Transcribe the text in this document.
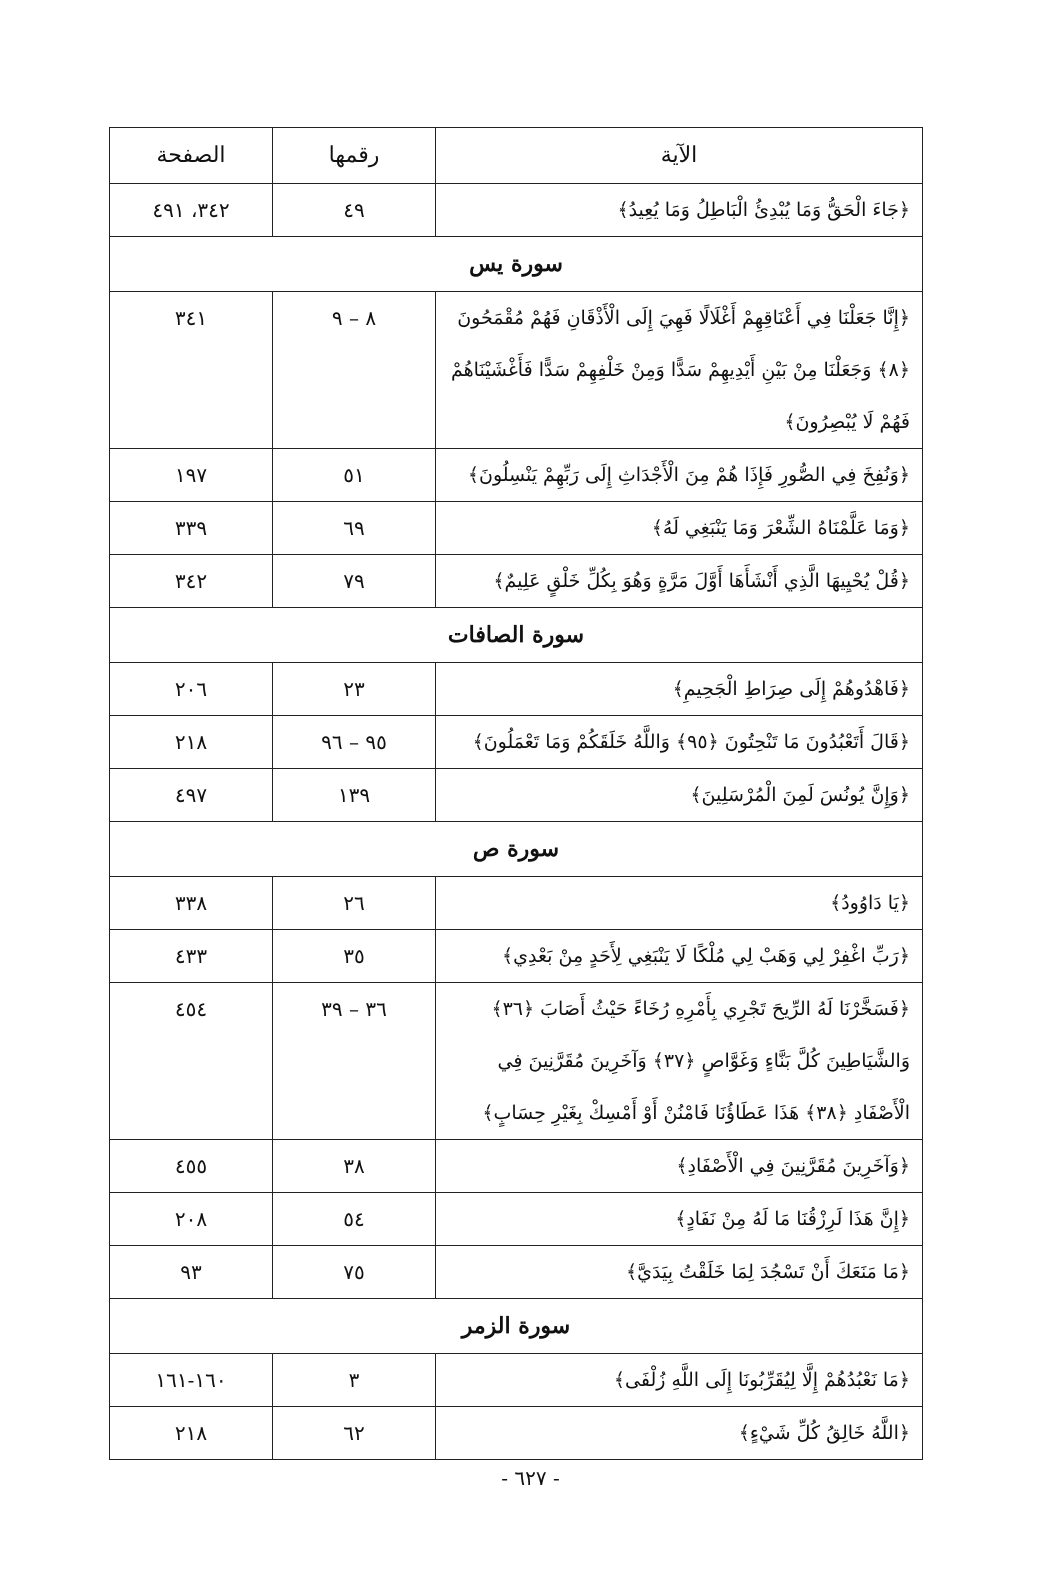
الآية	رقمها	الصفحة
﴿جَاءَ الْحَقُّ وَمَا يُبْدِئُ الْبَاطِلُ وَمَا يُعِيدُ﴾	٤٩	٣٤٢، ٤٩١
سورة يس		
﴿إِنَّا جَعَلْنَا فِي أَعْنَاقِهِمْ أَغْلَالًا فَهِيَ إِلَى الْأَذْقَانِ فَهُمْ مُقْمَحُونَ ﴿٨﴾ وَجَعَلْنَا مِنْ بَيْنِ أَيْدِيهِمْ سَدًّا وَمِنْ خَلْفِهِمْ سَدًّا فَأَغْشَيْنَاهُمْ فَهُمْ لَا يُبْصِرُونَ﴾	٨ – ٩	٣٤١
﴿وَنُفِخَ فِي الصُّورِ فَإِذَا هُمْ مِنَ الْأَجْدَاثِ إِلَى رَبِّهِمْ يَنْسِلُونَ﴾	٥١	١٩٧
﴿وَمَا عَلَّمْنَاهُ الشِّعْرَ وَمَا يَنْبَغِي لَهُ﴾	٦٩	٣٣٩
﴿قُلْ يُحْيِيهَا الَّذِي أَنْشَأَهَا أَوَّلَ مَرَّةٍ وَهُوَ بِكُلِّ خَلْقٍ عَلِيمٌ﴾	٧٩	٣٤٢
سورة الصافات		
﴿فَاهْدُوهُمْ إِلَى صِرَاطِ الْجَحِيمِ﴾	٢٣	٢٠٦
﴿قَالَ أَتَعْبُدُونَ مَا تَنْحِتُونَ ﴿٩٥﴾ وَاللَّهُ خَلَقَكُمْ وَمَا تَعْمَلُونَ﴾	٩٥ – ٩٦	٢١٨
﴿وَإِنَّ يُونُسَ لَمِنَ الْمُرْسَلِينَ﴾	١٣٩	٤٩٧
سورة ص		
﴿يَا دَاوُودُ﴾	٢٦	٣٣٨
﴿رَبِّ اغْفِرْ لِي وَهَبْ لِي مُلْكًا لَا يَنْبَغِي لِأَحَدٍ مِنْ بَعْدِي﴾	٣٥	٤٣٣
﴿فَسَخَّرْنَا لَهُ الرِّيحَ تَجْرِي بِأَمْرِهِ رُخَاءً حَيْثُ أَصَابَ ﴿٣٦﴾ وَالشَّيَاطِينَ كُلَّ بَنَّاءٍ وَغَوَّاصٍ ﴿٣٧﴾ وَآخَرِينَ مُقَرَّنِينَ فِي الْأَصْفَادِ ﴿٣٨﴾ هَذَا عَطَاؤُنَا فَامْنُنْ أَوْ أَمْسِكْ بِغَيْرِ حِسَابٍ﴾	٣٦ – ٣٩	٤٥٤
﴿وَآخَرِينَ مُقَرَّنِينَ فِي الْأَصْفَادِ﴾	٣٨	٤٥٥
﴿إِنَّ هَذَا لَرِزْقُنَا مَا لَهُ مِنْ نَفَادٍ﴾	٥٤	٢٠٨
﴿مَا مَنَعَكَ أَنْ تَسْجُدَ لِمَا خَلَقْتُ بِيَدَيَّ﴾	٧٥	٩٣
سورة الزمر		
﴿مَا نَعْبُدُهُمْ إِلَّا لِيُقَرِّبُونَا إِلَى اللَّهِ زُلْفَى﴾	٣	١٦٠-١٦١
﴿اللَّهُ خَالِقُ كُلِّ شَيْءٍ﴾	٦٢	٢١٨
- ٦٢٧ -
